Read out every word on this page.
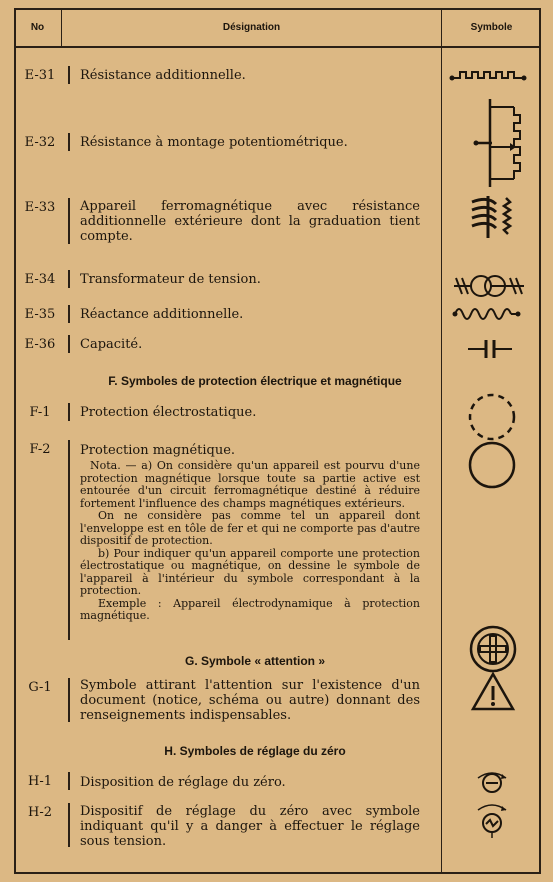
No	Désignation	Symbole
E-31	Résistance additionnelle.
E-32	Résistance à montage potentiométrique.
E-33	Appareil ferromagnétique avec résistance additionnelle extérieure dont la graduation tient compte.
E-34	Transformateur de tension.
E-35	Réactance additionnelle.
E-36	Capacité.
F. Symboles de protection électrique et magnétique
F-1	Protection électrostatique.
F-2	Protection magnétique.

Nota. — a) On considère qu'un appareil est pourvu d'une protection magnétique lorsque toute sa partie active est entourée d'un circuit ferromagnétique destiné à réduire fortement l'influence des champs magnétiques extérieurs.

On ne considère pas comme tel un appareil dont l'enveloppe est en tôle de fer et qui ne comporte pas d'autre dispositif de protection.

b) Pour indiquer qu'un appareil comporte une protection électrostatique ou magnétique, on dessine le symbole de l'appareil à l'intérieur du symbole correspondant à la protection.

Exemple : Appareil électrodynamique à protection magnétique.

G. Symbole « attention »
G-1	Symbole attirant l'attention sur l'existence d'un document (notice, schéma ou autre) donnant des renseignements indispensables.
H. Symboles de réglage du zéro
H-1	Disposition de réglage du zéro.
H-2	Dispositif de réglage du zéro avec symbole indiquant qu'il y a danger à effectuer le réglage sous tension.
